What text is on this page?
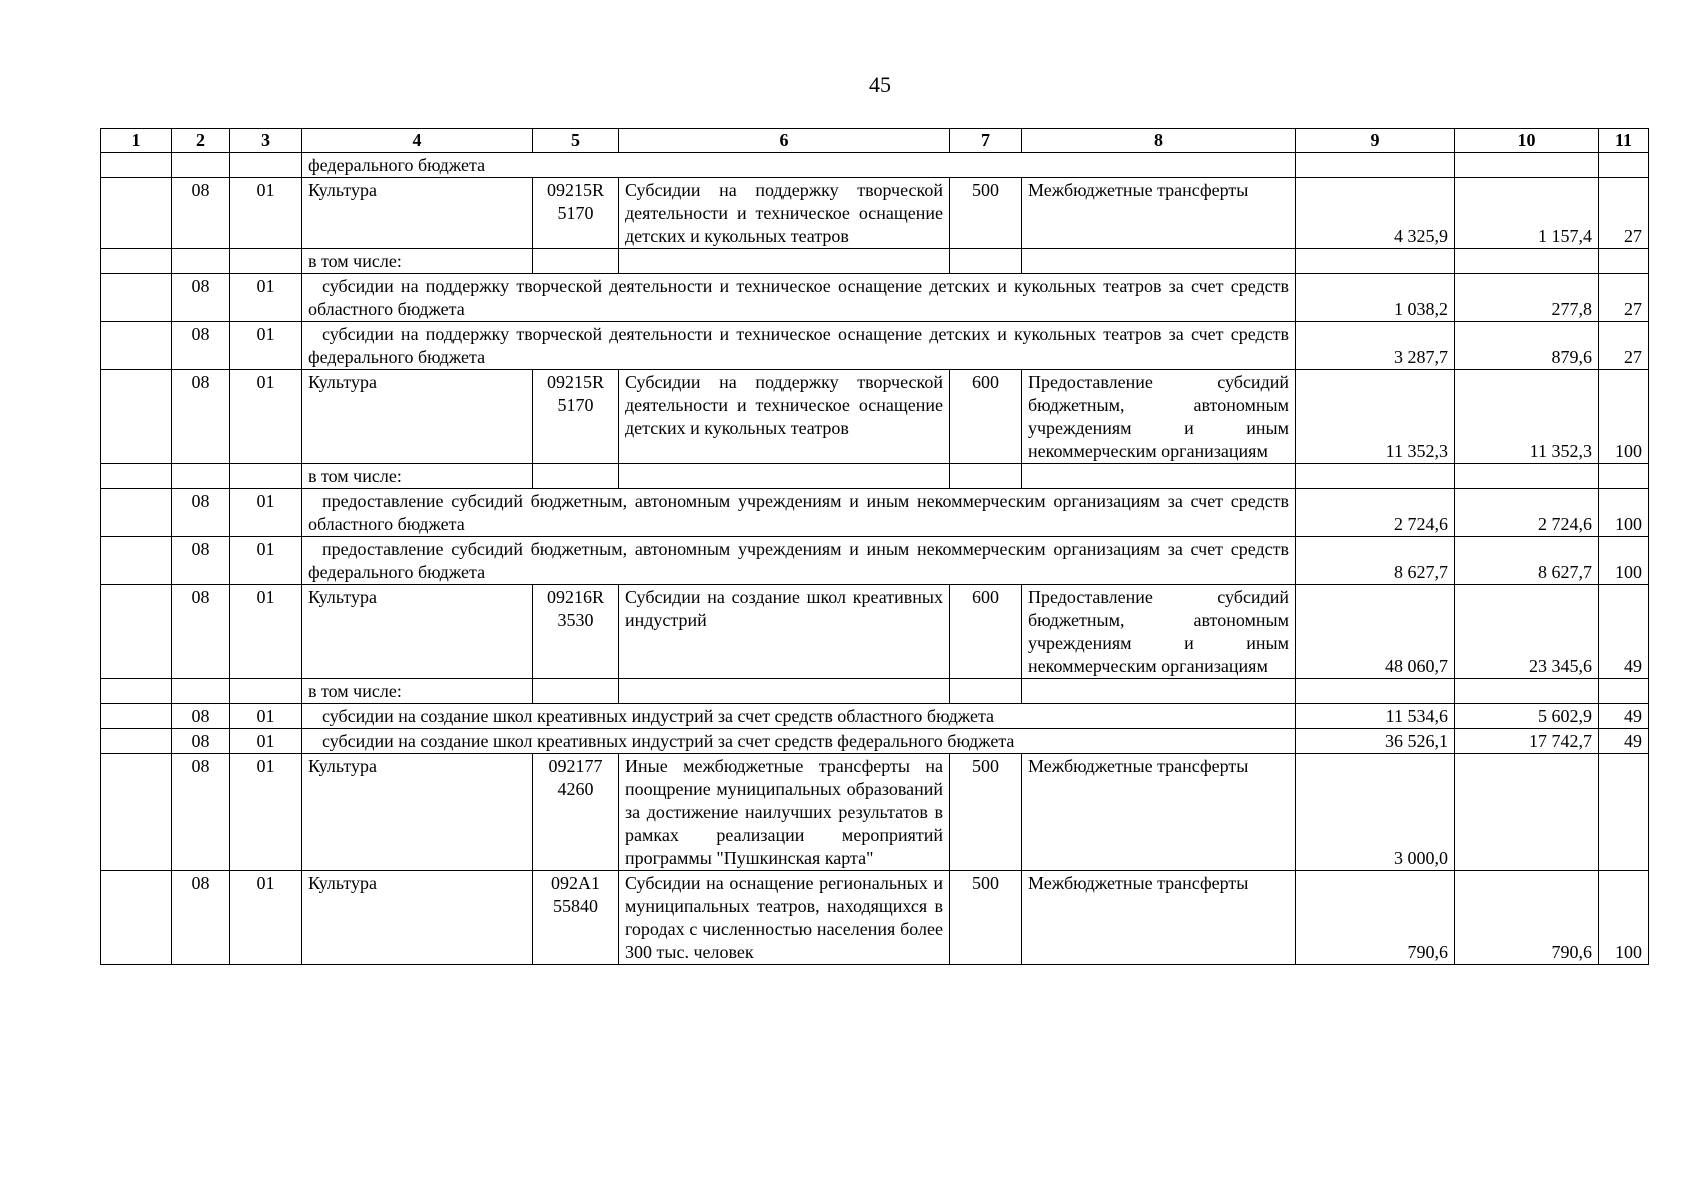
45
1	2	3	4	5	6	7	8	9	10	11
			федерального бюджета							
	08	01	Культура	09215R 5170	Субсидии на поддержку творческой деятельности и техническое оснащение детских и кукольных театров	500	Межбюджетные трансферты	4 325,9	1 157,4	27
			в том числе:							
	08	01	субсидии на поддержку творческой деятельности и техническое оснащение детских и кукольных театров за счет средств областного бюджета					1 038,2	277,8	27
	08	01	субсидии на поддержку творческой деятельности и техническое оснащение детских и кукольных театров за счет средств федерального бюджета					3 287,7	879,6	27
	08	01	Культура	09215R 5170	Субсидии на поддержку творческой деятельности и техническое оснащение детских и кукольных театров	600	Предоставление субсидий бюджетным, автономным учреждениям и иным некоммерческим организациям	11 352,3	11 352,3	100
			в том числе:							
	08	01	предоставление субсидий бюджетным, автономным учреждениям и иным некоммерческим организациям за счет средств областного бюджета					2 724,6	2 724,6	100
	08	01	предоставление субсидий бюджетным, автономным учреждениям и иным некоммерческим организациям за счет средств федерального бюджета					8 627,7	8 627,7	100
	08	01	Культура	09216R 3530	Субсидии на создание школ креативных индустрий	600	Предоставление субсидий бюджетным, автономным учреждениям и иным некоммерческим организациям	48 060,7	23 345,6	49
			в том числе:							
	08	01	субсидии на создание школ креативных индустрий за счет средств областного бюджета					11 534,6	5 602,9	49
	08	01	субсидии на создание школ креативных индустрий за счет средств федерального бюджета					36 526,1	17 742,7	49
	08	01	Культура	092177 4260	Иные межбюджетные трансферты на поощрение муниципальных образований за достижение наилучших результатов в рамках реализации мероприятий программы "Пушкинская карта"	500	Межбюджетные трансферты	3 000,0		
	08	01	Культура	092A1 55840	Субсидии на оснащение региональных и муниципальных театров, находящихся в городах с численностью населения более 300 тыс. человек	500	Межбюджетные трансферты	790,6	790,6	100
